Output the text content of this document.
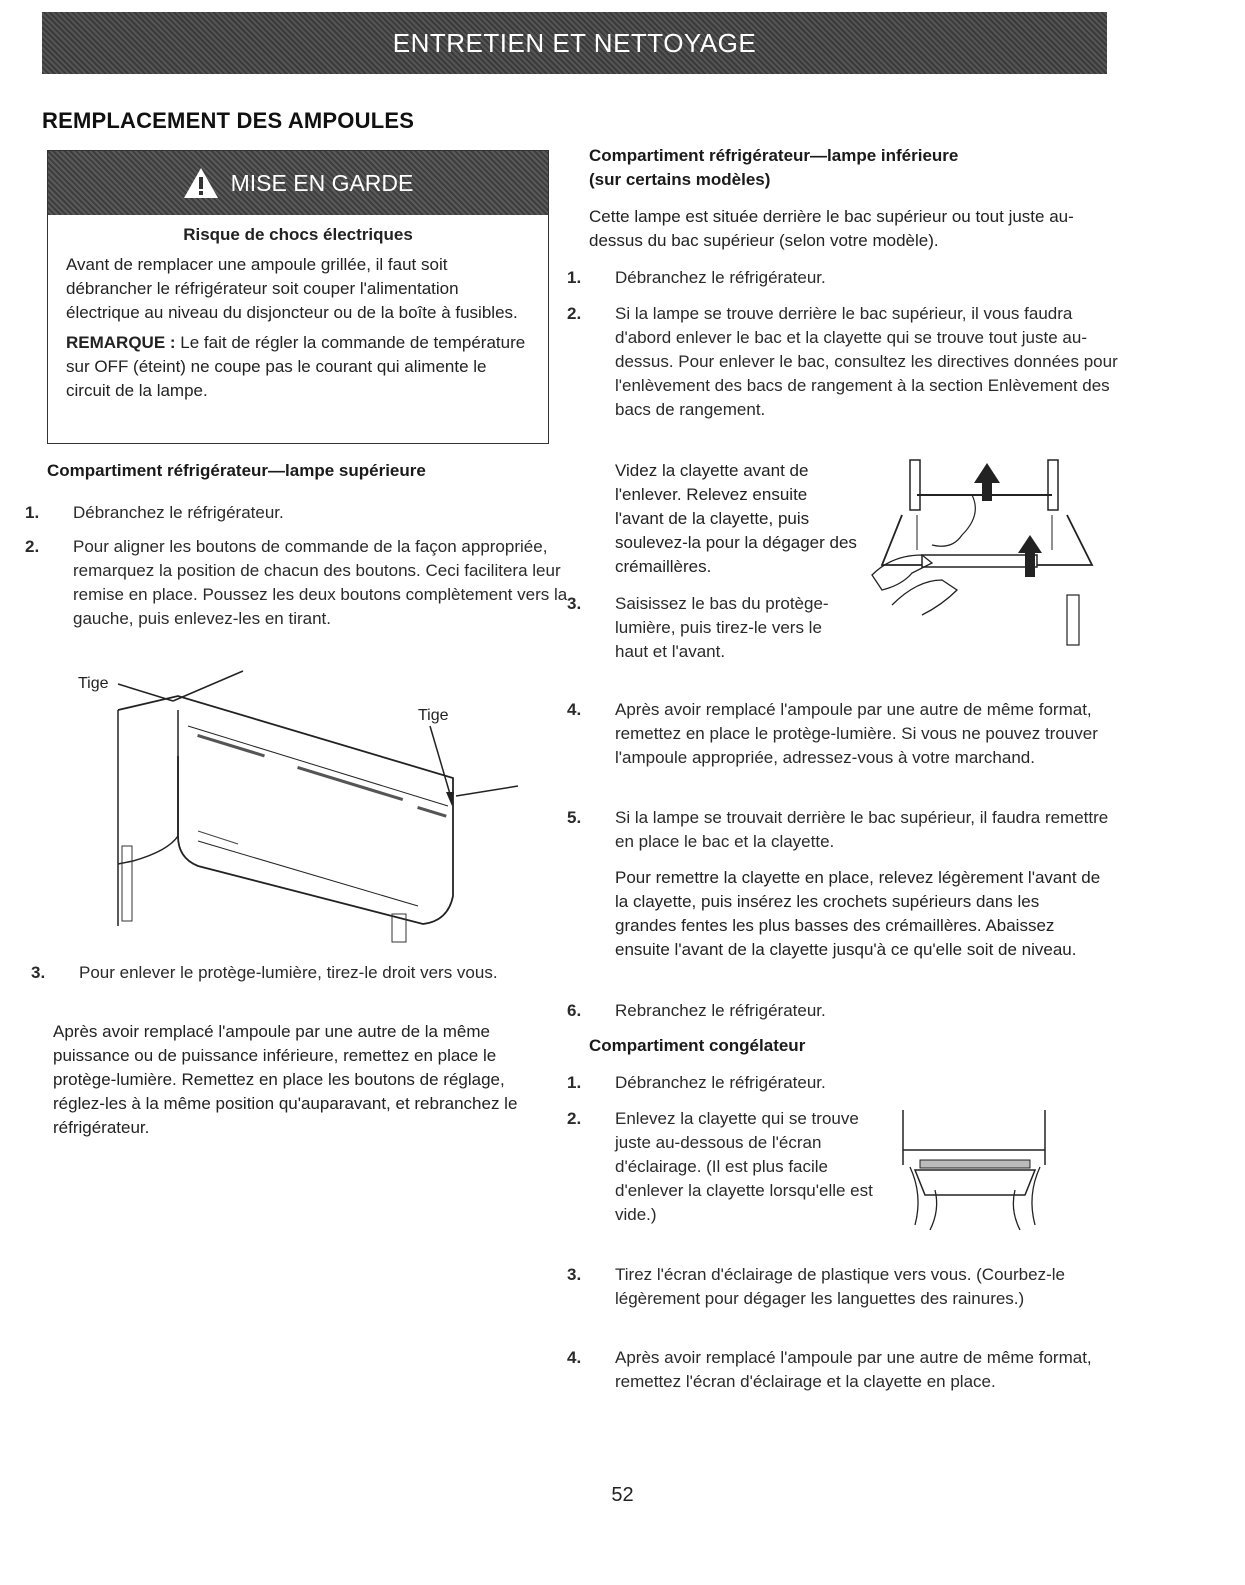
ENTRETIEN ET NETTOYAGE
REMPLACEMENT DES AMPOULES
MISE EN GARDE
Risque de chocs électriques

Avant de remplacer une ampoule grillée, il faut soit débrancher le réfrigérateur soit couper l'alimentation électrique au niveau du disjoncteur ou de la boîte à fusibles.

REMARQUE : Le fait de régler la commande de température sur OFF (éteint) ne coupe pas le courant qui alimente le circuit de la lampe.

Compartiment réfrigérateur—lampe supérieure
1. Débranchez le réfrigérateur.
2. Pour aligner les boutons de commande de la façon appropriée, remarquez la position de chacun des boutons. Ceci facilitera leur remise en place. Poussez les deux boutons complètement vers la gauche, puis enlevez-les en tirant.
Tige
Tige
3. Pour enlever le protège-lumière, tirez-le droit vers vous.

Après avoir remplacé l'ampoule par une autre de la même puissance ou de puissance inférieure, remettez en place le protège-lumière. Remettez en place les boutons de réglage, réglez-les à la même position qu'auparavant, et rebranchez le réfrigérateur.

Compartiment réfrigérateur—lampe inférieure
(sur certains modèles)

Cette lampe est située derrière le bac supérieur ou tout juste au-dessus du bac supérieur (selon votre modèle).

1. Débranchez le réfrigérateur.
2. Si la lampe se trouve derrière le bac supérieur, il vous faudra d'abord enlever le bac et la clayette qui se trouve tout juste au-dessus. Pour enlever le bac, consultez les directives données pour l'enlèvement des bacs de rangement à la section Enlèvement des bacs de rangement.

Videz la clayette avant de l'enlever. Relevez ensuite l'avant de la clayette, puis soulevez-la pour la dégager des crémaillères.

3. Saisissez le bas du protège-lumière, puis tirez-le vers le haut et l'avant.
4. Après avoir remplacé l'ampoule par une autre de même format, remettez en place le protège-lumière. Si vous ne pouvez trouver l'ampoule appropriée, adressez-vous à votre marchand.
5. Si la lampe se trouvait derrière le bac supérieur, il faudra remettre en place le bac et la clayette.

Pour remettre la clayette en place, relevez légèrement l'avant de la clayette, puis insérez les crochets supérieurs dans les grandes fentes les plus basses des crémaillères. Abaissez ensuite l'avant de la clayette jusqu'à ce qu'elle soit de niveau.

6. Rebranchez le réfrigérateur.
Compartiment congélateur
1. Débranchez le réfrigérateur.
2. Enlevez la clayette qui se trouve juste au-dessous de l'écran d'éclairage. (Il est plus facile d'enlever la clayette lorsqu'elle est vide.)
3. Tirez l'écran d'éclairage de plastique vers vous. (Courbez-le légèrement pour dégager les languettes des rainures.)
4. Après avoir remplacé l'ampoule par une autre de même format, remettez l'écran d'éclairage et la clayette en place.
52
